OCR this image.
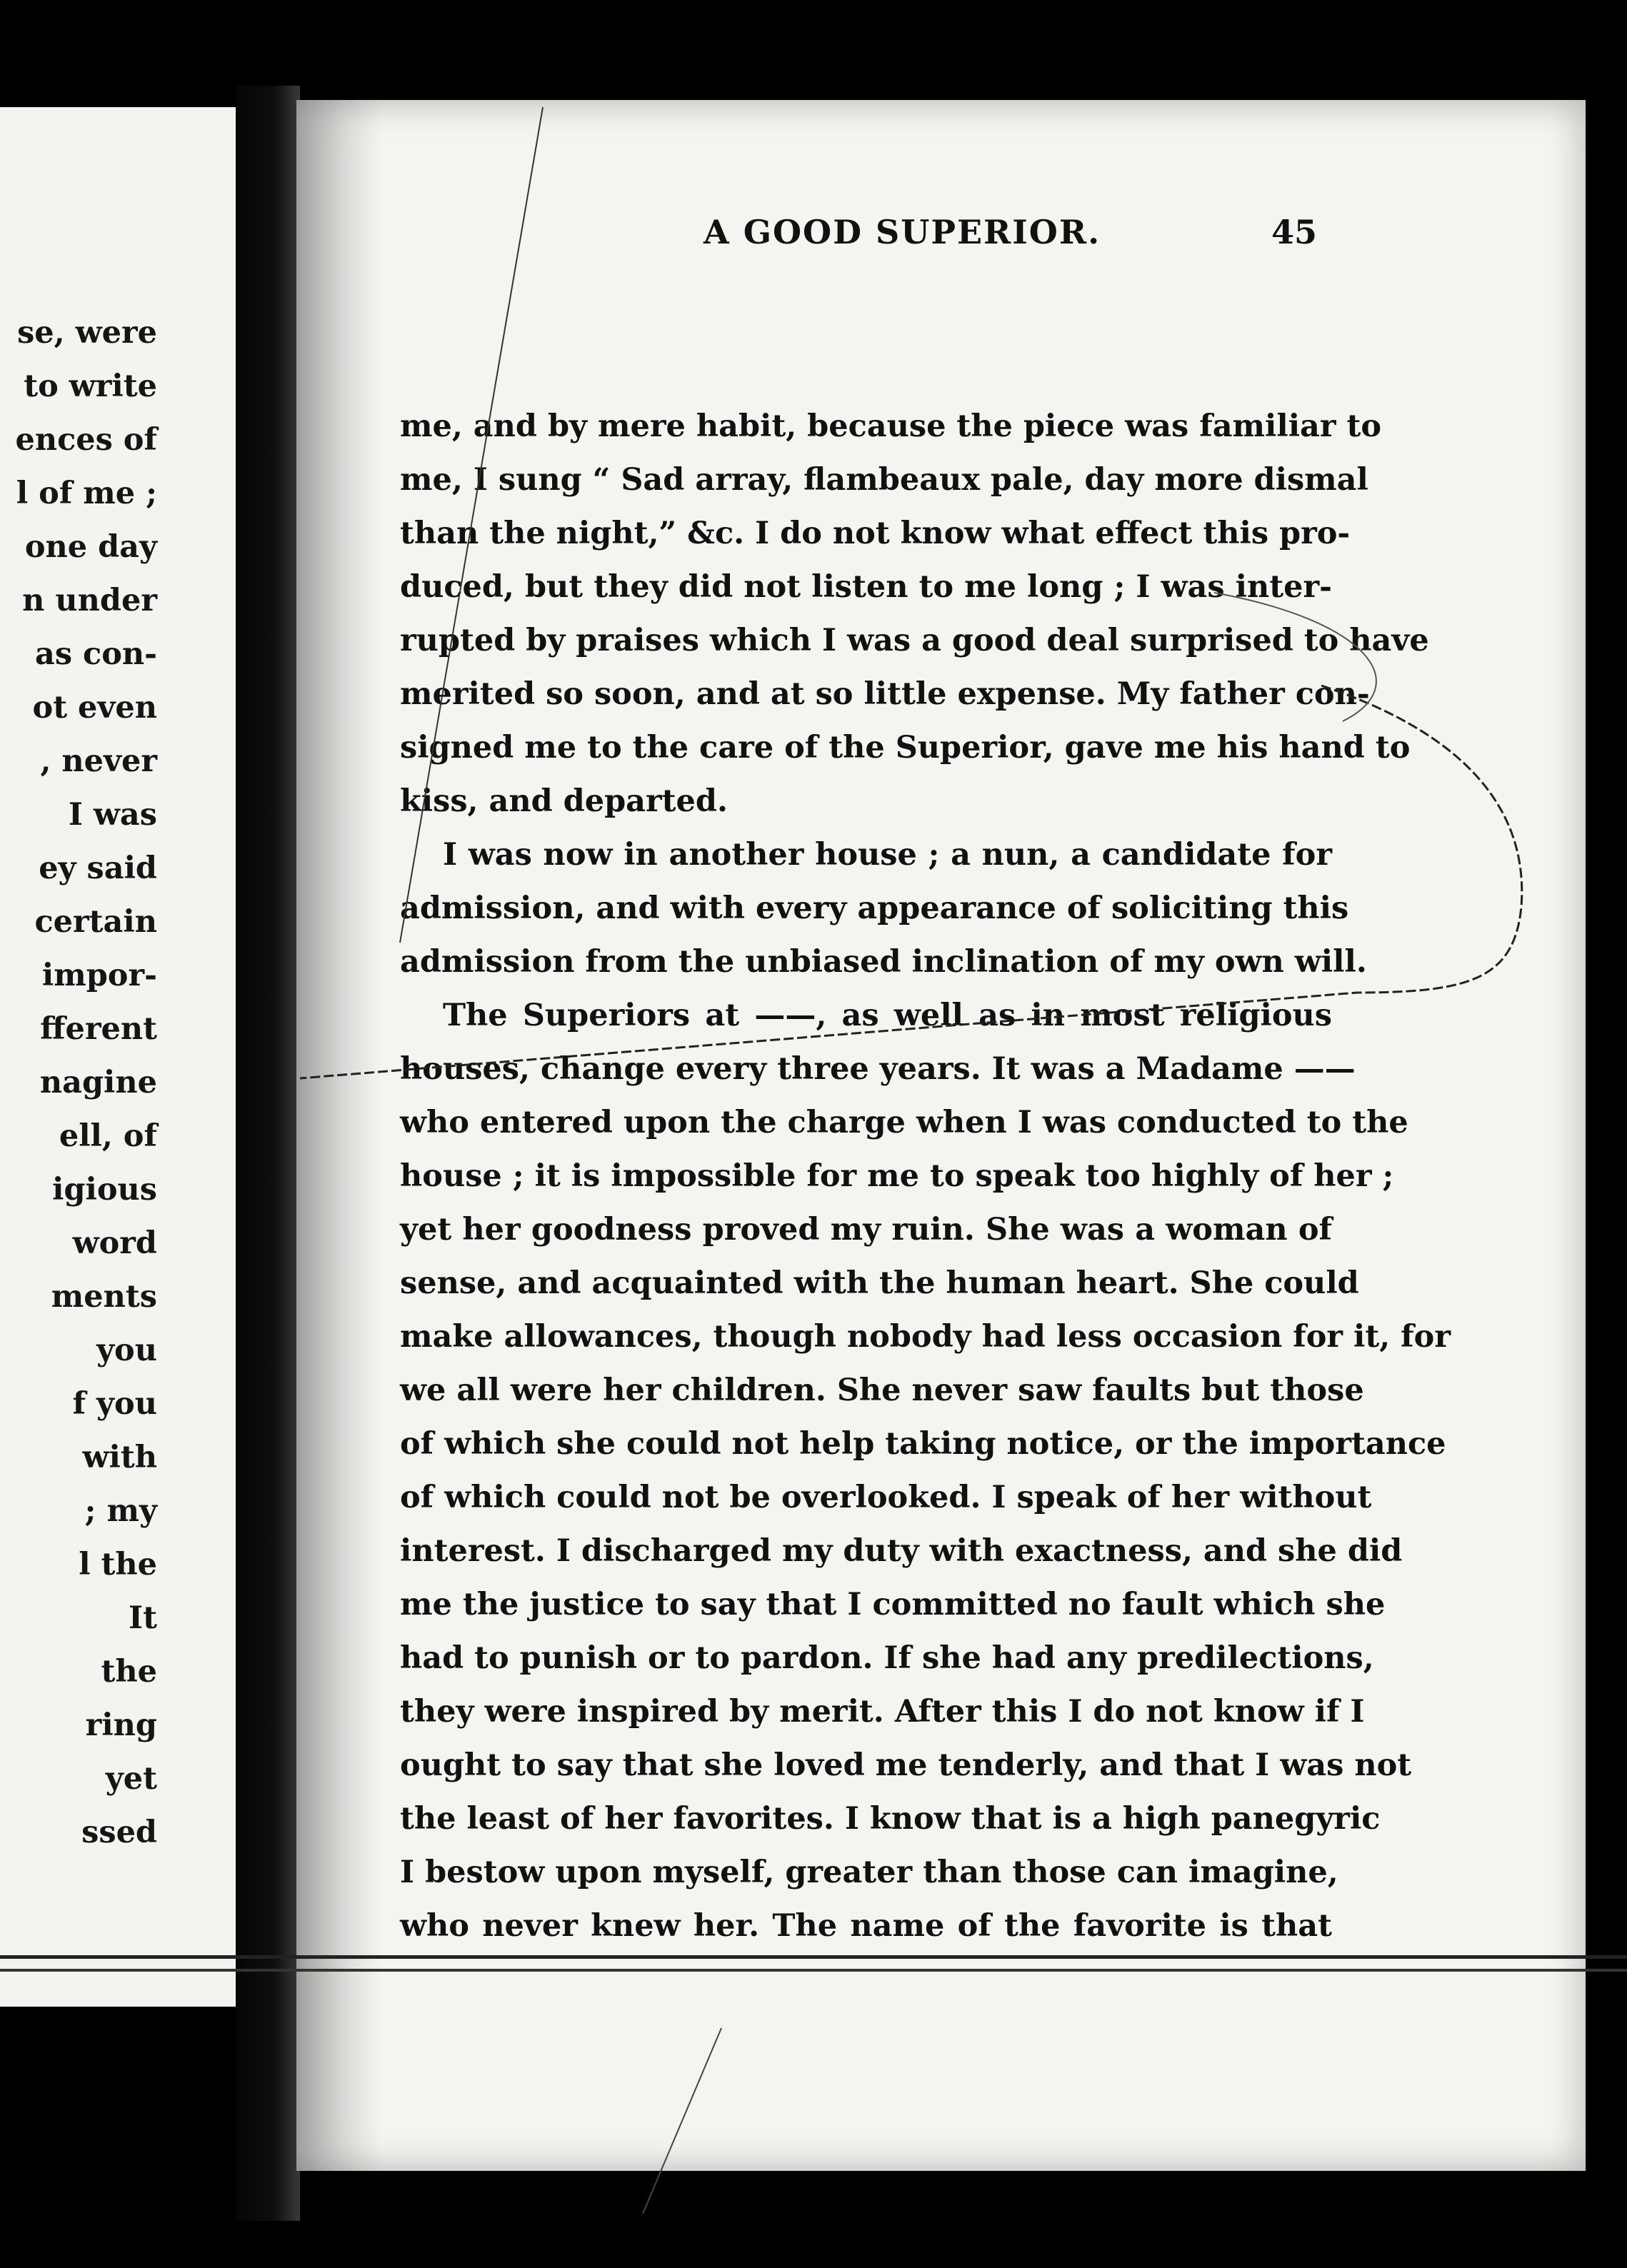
se, were
to write
ences of
l of me ;
one day
n under
as con-
ot even
, never
I was
ey said
certain
impor-
fferent
nagine
ell, of
igious
word
ments
you
f you
with
; my
l the
It
the
ring
yet
ssed
A GOOD SUPERIOR.	45
me, and by mere habit, because the piece was familiar to
me, I sung “ Sad array, flambeaux pale, day more dismal
than the night,” &c. I do not know what effect this pro-
duced, but they did not listen to me long ; I was inter-
rupted by praises which I was a good deal surprised to have
merited so soon, and at so little expense. My father con-
signed me to the care of the Superior, gave me his hand to
kiss, and departed.
I was now in another house ; a nun, a candidate for
admission, and with every appearance of soliciting this
admission from the unbiased inclination of my own will.
The Superiors at ——, as well as in most religious
houses, change every three years. It was a Madame ——
who entered upon the charge when I was conducted to the
house ; it is impossible for me to speak too highly of her ;
yet her goodness proved my ruin. She was a woman of
sense, and acquainted with the human heart. She could
make allowances, though nobody had less occasion for it, for
we all were her children. She never saw faults but those
of which she could not help taking notice, or the importance
of which could not be overlooked. I speak of her without
interest. I discharged my duty with exactness, and she did
me the justice to say that I committed no fault which she
had to punish or to pardon. If she had any predilections,
they were inspired by merit. After this I do not know if I
ought to say that she loved me tenderly, and that I was not
the least of her favorites. I know that is a high panegyric
I bestow upon myself, greater than those can imagine,
who never knew her. The name of the favorite is that
